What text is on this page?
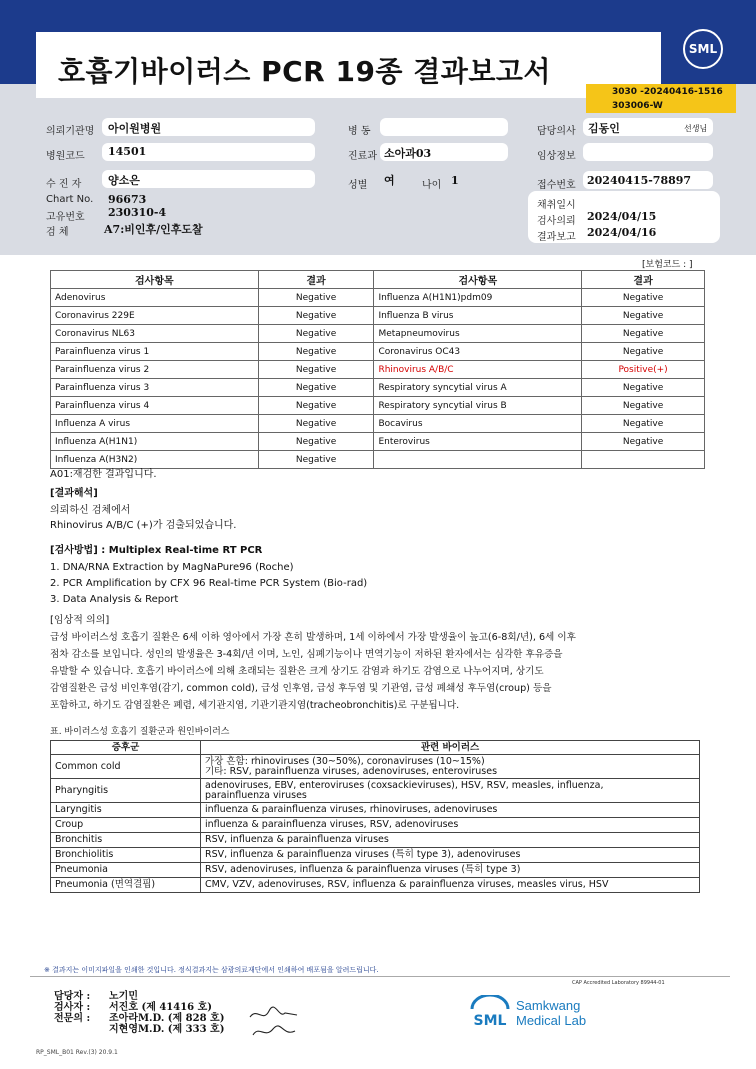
호흡기바이러스 PCR 19종 결과보고서
SML
3030 -20240416-1516
303006-W
의뢰기관명 아이원병원	병 동	담당의사 김동인	선생님
병원코드 14501	진료과 소아과03	임상정보
수 진 자 양소은	성별 여	나이 1	접수번호 20240415-78897
Chart No. 96673
고유번호 230310-4
검 체	A7:비인후/인후도찰
채취일시
검사의뢰 2024/04/15
결과보고 2024/04/16
[보험코드 : ]
검사항목	결과	검사항목	결과
Adenovirus	Negative	Influenza A(H1N1)pdm09	Negative
Coronavirus 229E	Negative	Influenza B virus	Negative
Coronavirus NL63	Negative	Metapneumovirus	Negative
Parainfluenza virus 1	Negative	Coronavirus OC43	Negative
Parainfluenza virus 2	Negative	Rhinovirus A/B/C	Positive(+)
Parainfluenza virus 3	Negative	Respiratory syncytial virus A	Negative
Parainfluenza virus 4	Negative	Respiratory syncytial virus B	Negative
Influenza A virus	Negative	Bocavirus	Negative
Influenza A(H1N1)	Negative	Enterovirus	Negative
Influenza A(H3N2)	Negative		
A01:재검한 결과입니다.
[결과해석]
의뢰하신 검체에서
Rhinovirus A/B/C (+)가 검출되었습니다.
[검사방법] : Multiplex Real-time RT PCR
1. DNA/RNA Extraction by MagNaPure96 (Roche)
2. PCR Amplification by CFX 96 Real-time PCR System (Bio-rad)
3. Data Analysis & Report
[임상적 의의]
급성 바이러스성 호흡기 질환은 6세 이하 영아에서 가장 흔히 발생하며, 1세 이하에서 가장 발생율이 높고(6-8회/년), 6세 이후
점차 감소를 보입니다. 성인의 발생율은 3-4회/년 이며, 노인, 심폐기능이나 면역기능이 저하된 환자에서는 심각한 후유증을
유발할 수 있습니다. 호흡기 바이러스에 의해 초래되는 질환은 크게 상기도 감염과 하기도 감염으로 나누어지며, 상기도
감염질환은 급성 비인후염(감기, common cold), 급성 인후염, 급성 후두염 및 기관염, 급성 폐쇄성 후두염(croup) 등을
포함하고, 하기도 감염질환은 폐렴, 세기관지염, 기관기관지염(tracheobronchitis)로 구분됩니다.
표. 바이러스성 호흡기 질환군과 원인바이러스
증후군	관련 바이러스
Common cold	가장 흔함: rhinoviruses (30~50%), coronaviruses (10~15%)
기타: RSV, parainfluenza viruses, adenoviruses, enteroviruses

Pharyngitis	adenoviruses, EBV, enteroviruses (coxsackieviruses), HSV, RSV, measles, influenza,
parainfluenza viruses

Laryngitis	influenza & parainfluenza viruses, rhinoviruses, adenoviruses

Croup	influenza & parainfluenza viruses, RSV, adenoviruses

Bronchitis	RSV, influenza & parainfluenza viruses

Bronchiolitis	RSV, influenza & parainfluenza viruses (특히 type 3), adenoviruses

Pneumonia	RSV, adenoviruses, influenza & parainfluenza viruses (특히 type 3)

Pneumonia (면역결핍)	CMV, VZV, adenoviruses, RSV, influenza & parainfluenza viruses, measles virus, HSV
※ 결과지는 이미지파일을 인쇄한 것입니다. 정식결과지는 삼광의료재단에서 인쇄하여 배포됨을 알려드립니다.
CAP Accredited Laboratory 89944-01
담당자 :
검사자 :
전문의 :
노기민
서진호 (제 41416 호)
조아라M.D. (제 828 호)
지현영M.D. (제 333 호)
SML
Samkwang
Medical Lab
RP_SML_B01 Rev.(3) 20.9.1
